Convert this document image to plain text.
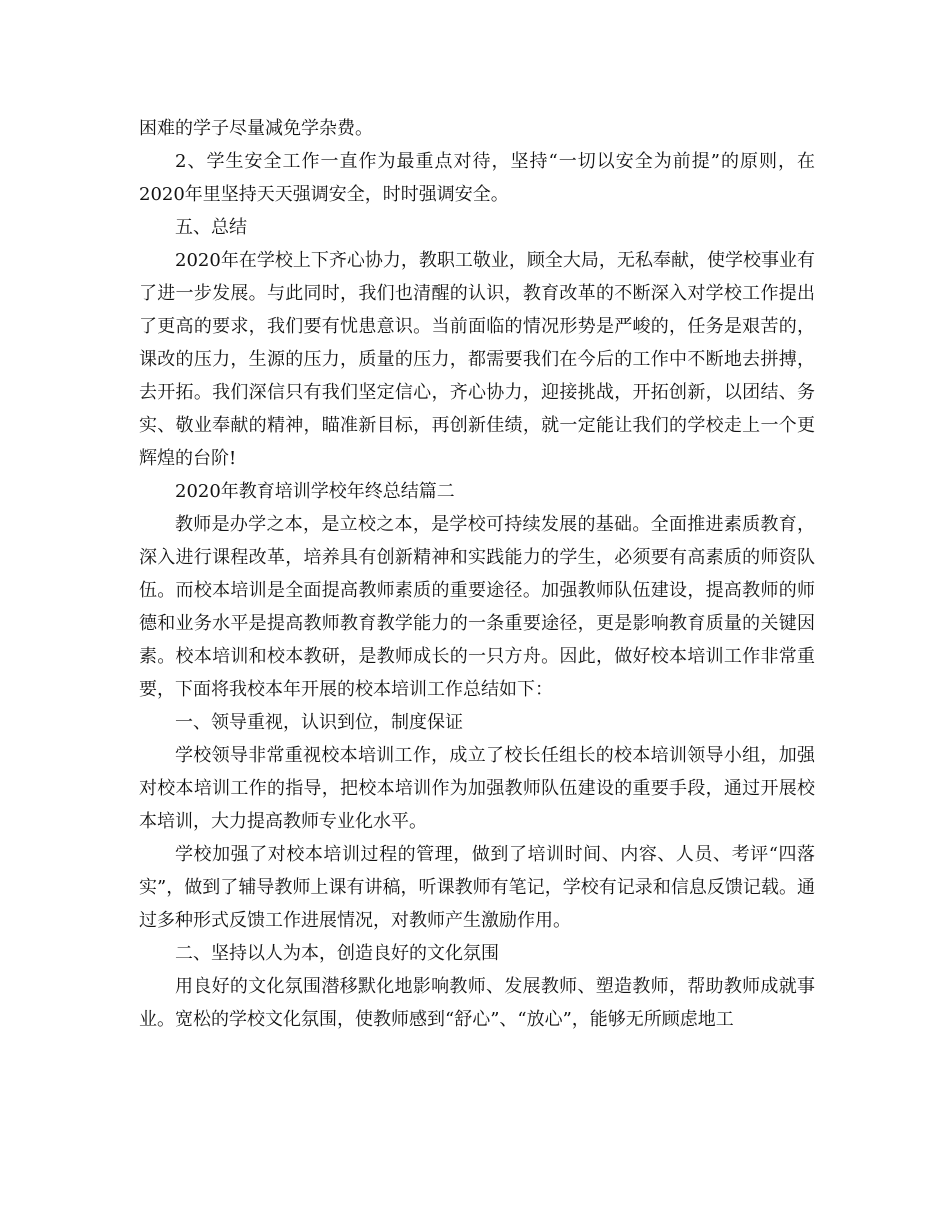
困难的学子尽量减免学杂费。

2、学生安全工作一直作为最重点对待，坚持“一切以安全为前提”的原则，在2020年里坚持天天强调安全，时时强调安全。

五、总结

2020年在学校上下齐心协力，教职工敬业，顾全大局，无私奉献，使学校事业有了进一步发展。与此同时，我们也清醒的认识，教育改革的不断深入对学校工作提出了更高的要求，我们要有忧患意识。当前面临的情况形势是严峻的，任务是艰苦的，课改的压力，生源的压力，质量的压力，都需要我们在今后的工作中不断地去拼搏，去开拓。我们深信只有我们坚定信心，齐心协力，迎接挑战，开拓创新，以团结、务实、敬业奉献的精神，瞄准新目标，再创新佳绩，就一定能让我们的学校走上一个更辉煌的台阶!

2020年教育培训学校年终总结篇二

教师是办学之本，是立校之本，是学校可持续发展的基础。全面推进素质教育，深入进行课程改革，培养具有创新精神和实践能力的学生，必须要有高素质的师资队伍。而校本培训是全面提高教师素质的重要途径。加强教师队伍建设，提高教师的师德和业务水平是提高教师教育教学能力的一条重要途径，更是影响教育质量的关键因素。校本培训和校本教研，是教师成长的一只方舟。因此，做好校本培训工作非常重要，下面将我校本年开展的校本培训工作总结如下：

一、领导重视，认识到位，制度保证

学校领导非常重视校本培训工作，成立了校长任组长的校本培训领导小组，加强对校本培训工作的指导，把校本培训作为加强教师队伍建设的重要手段，通过开展校本培训，大力提高教师专业化水平。

学校加强了对校本培训过程的管理，做到了培训时间、内容、人员、考评“四落实”，做到了辅导教师上课有讲稿，听课教师有笔记，学校有记录和信息反馈记载。通过多种形式反馈工作进展情况，对教师产生激励作用。

二、坚持以人为本，创造良好的文化氛围

用良好的文化氛围潜移默化地影响教师、发展教师、塑造教师，帮助教师成就事业。宽松的学校文化氛围，使教师感到“舒心”、“放心”，能够无所顾虑地工
